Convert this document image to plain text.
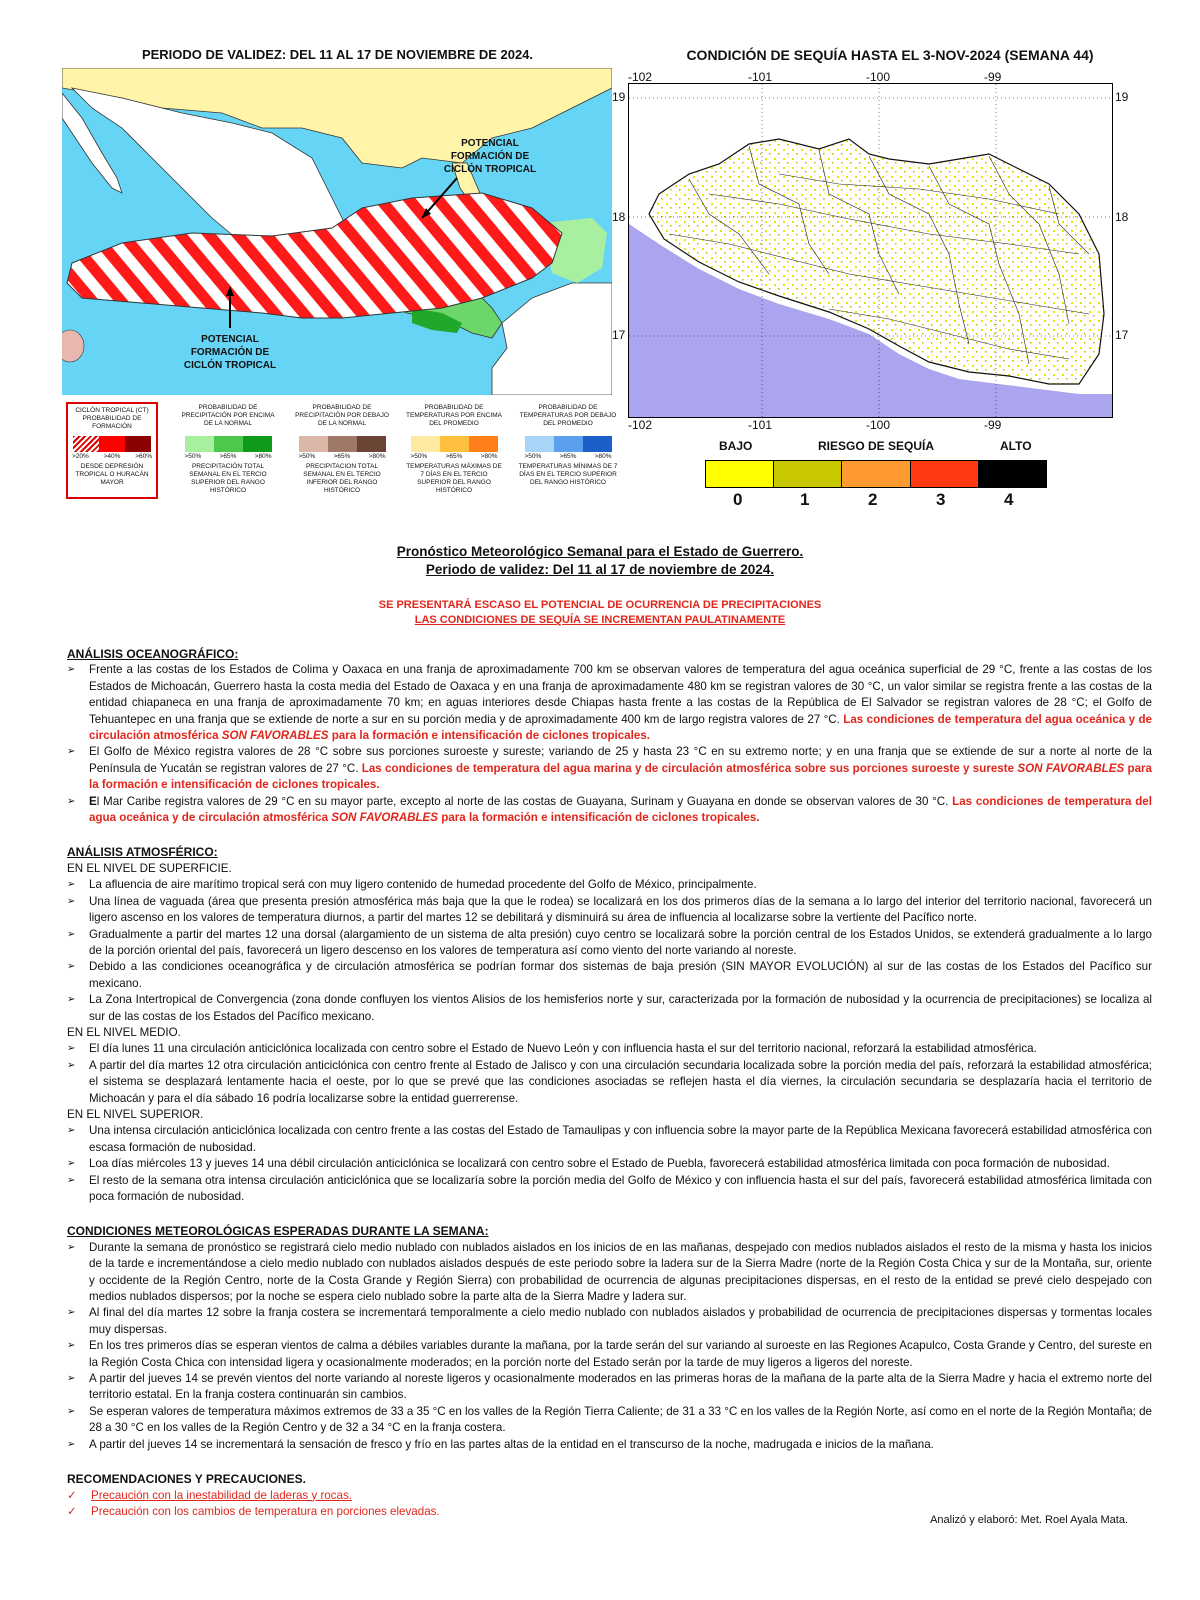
PERIODO DE VALIDEZ: DEL 11 AL 17 DE NOVIEMBRE DE 2024.
POTENCIAL
FORMACIÓN DE
CICLÓN TROPICAL
POTENCIAL
FORMACIÓN DE
CICLÓN TROPICAL
CICLÓN TROPICAL (CT) PROBABILIDAD DE FORMACIÓN
>20% >40% >60%
DESDE DEPRESIÓN TROPICAL O HURACÁN MAYOR
PROBABILIDAD DE PRECIPITACIÓN POR ENCIMA DE LA NORMAL
>50%	>65%	>80%
PRECIPITACIÓN TOTAL SEMANAL EN EL TERCIO SUPERIOR DEL RANGO HISTÓRICO
PROBABILIDAD DE PRECIPITACIÓN POR DEBAJO DE LA NORMAL
>50%	>65%	>80%
PRECIPITACION TOTAL SEMANAL EN EL TERCIO INFERIOR DEL RANGO HISTÓRICO
PROBABILIDAD DE TEMPERATURAS POR ENCIMA DEL PROMEDIO
>50%	>65%	>80%
TEMPERATURAS MÁXIMAS DE 7 DÍAS EN EL TERCIO SUPERIOR DEL RANGO HISTÓRICO
PROBABILIDAD DE TEMPERATURAS POR DEBAJO DEL PROMEDIO
>50%	>65%	>80%
TEMPERATURAS MÍNIMAS DE 7 DÍAS EN EL TERCIO SUPERIOR DEL RANGO HISTÓRICO
CONDICIÓN DE SEQUÍA HASTA EL 3-NOV-2024 (SEMANA 44)
-102	-101	-100	-99
-102	-101	-100	-99
19
18
17
19
18
17
BAJO	RIESGO DE SEQUÍA	ALTO
0	1	2	3	4
Pronóstico Meteorológico Semanal para el Estado de Guerrero.
Periodo de validez: Del 11 al 17 de noviembre de 2024.
SE PRESENTARÁ ESCASO EL POTENCIAL DE OCURRENCIA DE PRECIPITACIONES
LAS CONDICIONES DE SEQUÍA SE INCREMENTAN PAULATINAMENTE

ANÁLISIS OCEANOGRÁFICO:

➢ Frente a las costas de los Estados de Colima y Oaxaca en una franja de aproximadamente 700 km se observan valores de temperatura del agua oceánica superficial de 29 °C, frente a las costas de los Estados de Michoacán, Guerrero hasta la costa media del Estado de Oaxaca y en una franja de aproximadamente 480 km se registran valores de 30 °C, un valor similar se registra frente a las costas de la entidad chiapaneca en una franja de aproximadamente 70 km; en aguas interiores desde Chiapas hasta frente a las costas de la República de El Salvador se registran valores de 28 °C; el Golfo de Tehuantepec en una franja que se extiende de norte a sur en su porción media y de aproximadamente 400 km de largo registra valores de 27 °C. Las condiciones de temperatura del agua oceánica y de circulación atmosférica SON FAVORABLES para la formación e intensificación de ciclones tropicales.
➢ El Golfo de México registra valores de 28 °C sobre sus porciones suroeste y sureste; variando de 25 y hasta 23 °C en su extremo norte; y en una franja que se extiende de sur a norte al norte de la Península de Yucatán se registran valores de 27 °C. Las condiciones de temperatura del agua marina y de circulación atmosférica sobre sus porciones suroeste y sureste SON FAVORABLES para la formación e intensificación de ciclones tropicales.
➢ El Mar Caribe registra valores de 29 °C en su mayor parte, excepto al norte de las costas de Guayana, Surinam y Guayana en donde se observan valores de 30 °C. Las condiciones de temperatura del agua oceánica y de circulación atmosférica SON FAVORABLES para la formación e intensificación de ciclones tropicales.

ANÁLISIS ATMOSFÉRICO:

EN EL NIVEL DE SUPERFICIE.

➢ La afluencia de aire marítimo tropical será con muy ligero contenido de humedad procedente del Golfo de México, principalmente.
➢ Una línea de vaguada (área que presenta presión atmosférica más baja que la que le rodea) se localizará en los dos primeros días de la semana a lo largo del interior del territorio nacional, favorecerá un ligero ascenso en los valores de temperatura diurnos, a partir del martes 12 se debilitará y disminuirá su área de influencia al localizarse sobre la vertiente del Pacífico norte.
➢ Gradualmente a partir del martes 12 una dorsal (alargamiento de un sistema de alta presión) cuyo centro se localizará sobre la porción central de los Estados Unidos, se extenderá gradualmente a lo largo de la porción oriental del país, favorecerá un ligero descenso en los valores de temperatura así como viento del norte variando al noreste.
➢ Debido a las condiciones oceanográfica y de circulación atmosférica se podrían formar dos sistemas de baja presión (SIN MAYOR EVOLUCIÓN) al sur de las costas de los Estados del Pacífico sur mexicano.
➢ La Zona Intertropical de Convergencia (zona donde confluyen los vientos Alisios de los hemisferios norte y sur, caracterizada por la formación de nubosidad y la ocurrencia de precipitaciones) se localiza al sur de las costas de los Estados del Pacífico mexicano.

EN EL NIVEL MEDIO.

➢ El día lunes 11 una circulación anticiclónica localizada con centro sobre el Estado de Nuevo León y con influencia hasta el sur del territorio nacional, reforzará la estabilidad atmosférica.
➢ A partir del día martes 12 otra circulación anticiclónica con centro frente al Estado de Jalisco y con una circulación secundaria localizada sobre la porción media del país, reforzará la estabilidad atmosférica; el sistema se desplazará lentamente hacia el oeste, por lo que se prevé que las condiciones asociadas se reflejen hasta el día viernes, la circulación secundaria se desplazaría hacia el territorio de Michoacán y para el día sábado 16 podría localizarse sobre la entidad guerrerense.

EN EL NIVEL SUPERIOR.

➢ Una intensa circulación anticiclónica localizada con centro frente a las costas del Estado de Tamaulipas y con influencia sobre la mayor parte de la República Mexicana favorecerá estabilidad atmosférica con escasa formación de nubosidad.
➢ Loa días miércoles 13 y jueves 14 una débil circulación anticiclónica se localizará con centro sobre el Estado de Puebla, favorecerá estabilidad atmosférica limitada con poca formación de nubosidad.
➢ El resto de la semana otra intensa circulación anticiclónica que se localizaría sobre la porción media del Golfo de México y con influencia hasta el sur del país, favorecerá estabilidad atmosférica limitada con poca formación de nubosidad.

CONDICIONES METEOROLÓGICAS ESPERADAS DURANTE LA SEMANA:

➢ Durante la semana de pronóstico se registrará cielo medio nublado con nublados aislados en los inicios de en las mañanas, despejado con medios nublados aislados el resto de la misma y hasta los inicios de la tarde e incrementándose a cielo medio nublado con nublados aislados después de este periodo sobre la ladera sur de la Sierra Madre (norte de la Región Costa Chica y sur de la Montaña, sur, oriente y occidente de la Región Centro, norte de la Costa Grande y Región Sierra) con probabilidad de ocurrencia de algunas precipitaciones dispersas, en el resto de la entidad se prevé cielo despejado con medios nublados dispersos; por la noche se espera cielo nublado sobre la parte alta de la Sierra Madre y ladera sur.
➢ Al final del día martes 12 sobre la franja costera se incrementará temporalmente a cielo medio nublado con nublados aislados y probabilidad de ocurrencia de precipitaciones dispersas y tormentas locales muy dispersas.
➢ En los tres primeros días se esperan vientos de calma a débiles variables durante la mañana, por la tarde serán del sur variando al suroeste en las Regiones Acapulco, Costa Grande y Centro, del sureste en la Región Costa Chica con intensidad ligera y ocasionalmente moderados; en la porción norte del Estado serán por la tarde de muy ligeros a ligeros del noreste.
➢ A partir del jueves 14 se prevén vientos del norte variando al noreste ligeros y ocasionalmente moderados en las primeras horas de la mañana de la parte alta de la Sierra Madre y hacia el extremo norte del territorio estatal. En la franja costera continuarán sin cambios.
➢ Se esperan valores de temperatura máximos extremos de 33 a 35 °C en los valles de la Región Tierra Caliente; de 31 a 33 °C en los valles de la Región Norte, así como en el norte de la Región Montaña; de 28 a 30 °C en los valles de la Región Centro y de 32 a 34 °C en la franja costera.
➢ A partir del jueves 14 se incrementará la sensación de fresco y frío en las partes altas de la entidad en el transcurso de la noche, madrugada e inicios de la mañana.

RECOMENDACIONES Y PRECAUCIONES.

✓ Precaución con la inestabilidad de laderas y rocas.
✓ Precaución con los cambios de temperatura en porciones elevadas.
Analizó y elaboró: Met. Roel Ayala Mata.
